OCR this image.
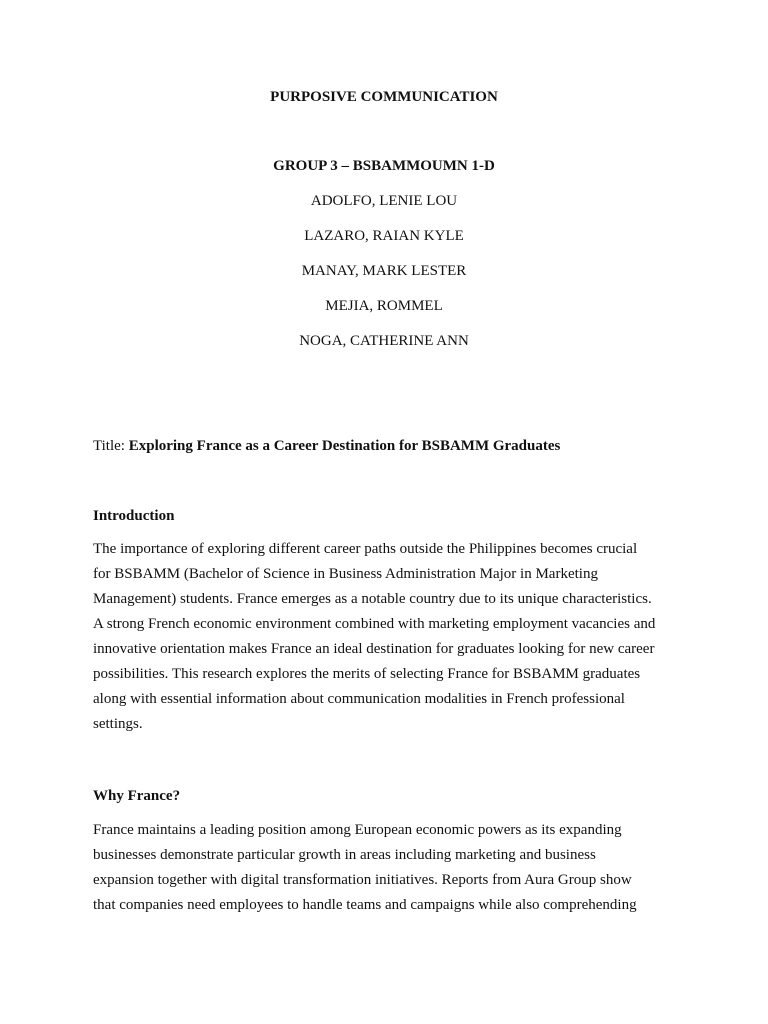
PURPOSIVE COMMUNICATION
GROUP 3 – BSBAMMOUMN 1-D
ADOLFO, LENIE LOU
LAZARO, RAIAN KYLE
MANAY, MARK LESTER
MEJIA, ROMMEL
NOGA, CATHERINE ANN
Title: Exploring France as a Career Destination for BSBAMM Graduates
Introduction
The importance of exploring different career paths outside the Philippines becomes crucial
for BSBAMM (Bachelor of Science in Business Administration Major in Marketing
Management) students. France emerges as a notable country due to its unique characteristics.
A strong French economic environment combined with marketing employment vacancies and
innovative orientation makes France an ideal destination for graduates looking for new career
possibilities. This research explores the merits of selecting France for BSBAMM graduates
along with essential information about communication modalities in French professional
settings.
Why France?
France maintains a leading position among European economic powers as its expanding
businesses demonstrate particular growth in areas including marketing and business
expansion together with digital transformation initiatives. Reports from Aura Group show
that companies need employees to handle teams and campaigns while also comprehending
